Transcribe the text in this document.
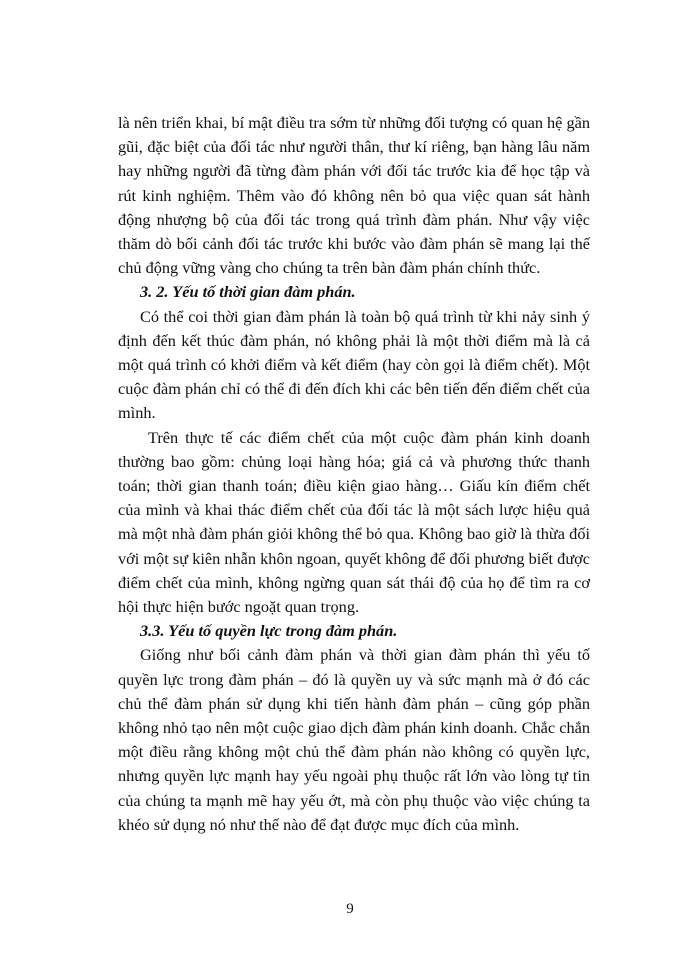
là nên triển khai, bí mật điều tra sớm từ những đối tượng có quan hệ gần gũi, đặc biệt của đối tác như người thân, thư kí riêng, bạn hàng lâu năm hay những người đã từng đàm phán với đối tác trước kia để học tập và rút kinh nghiệm. Thêm vào đó không nên bỏ qua việc quan sát hành động nhượng bộ của đối tác trong quá trình đàm phán. Như vậy việc thăm dò bối cảnh đối tác trước khi bước vào đàm phán sẽ mang lại thế chủ động vững vàng cho chúng ta trên bàn đàm phán chính thức.

3. 2. Yếu tố thời gian đàm phán.

Có thể coi thời gian đàm phán là toàn bộ quá trình từ khi nảy sinh ý định đến kết thúc đàm phán, nó không phải là một thời điểm mà là cả một quá trình có khởi điểm và kết điểm (hay còn gọi là điểm chết). Một cuộc đàm phán chỉ có thể đi đến đích khi các bên tiến đến điểm chết của mình.

Trên thực tế các điểm chết của một cuộc đàm phán kinh doanh thường bao gồm: chủng loại hàng hóa; giá cả và phương thức thanh toán; thời gian thanh toán; điều kiện giao hàng… Giấu kín điểm chết của mình và khai thác điểm chết của đối tác là một sách lược hiệu quả mà một nhà đàm phán giỏi không thể bỏ qua. Không bao giờ là thừa đối với một sự kiên nhẫn khôn ngoan, quyết không để đối phương biết được điểm chết của mình, không ngừng quan sát thái độ của họ để tìm ra cơ hội thực hiện bước ngoặt quan trọng.

3.3. Yếu tố quyền lực trong đàm phán.

Giống như bối cảnh đàm phán và thời gian đàm phán thì yếu tố quyền lực trong đàm phán – đó là quyền uy và sức mạnh mà ở đó các chủ thể đàm phán sử dụng khi tiến hành đàm phán – cũng góp phần không nhỏ tạo nên một cuộc giao dịch đàm phán kinh doanh. Chắc chắn một điều rằng không một chủ thể đàm phán nào không có quyền lực, nhưng quyền lực mạnh hay yếu ngoài phụ thuộc rất lớn vào lòng tự tin của chúng ta mạnh mẽ hay yếu ớt, mà còn phụ thuộc vào việc chúng ta khéo sử dụng nó như thế nào để đạt được mục đích của mình.

9
